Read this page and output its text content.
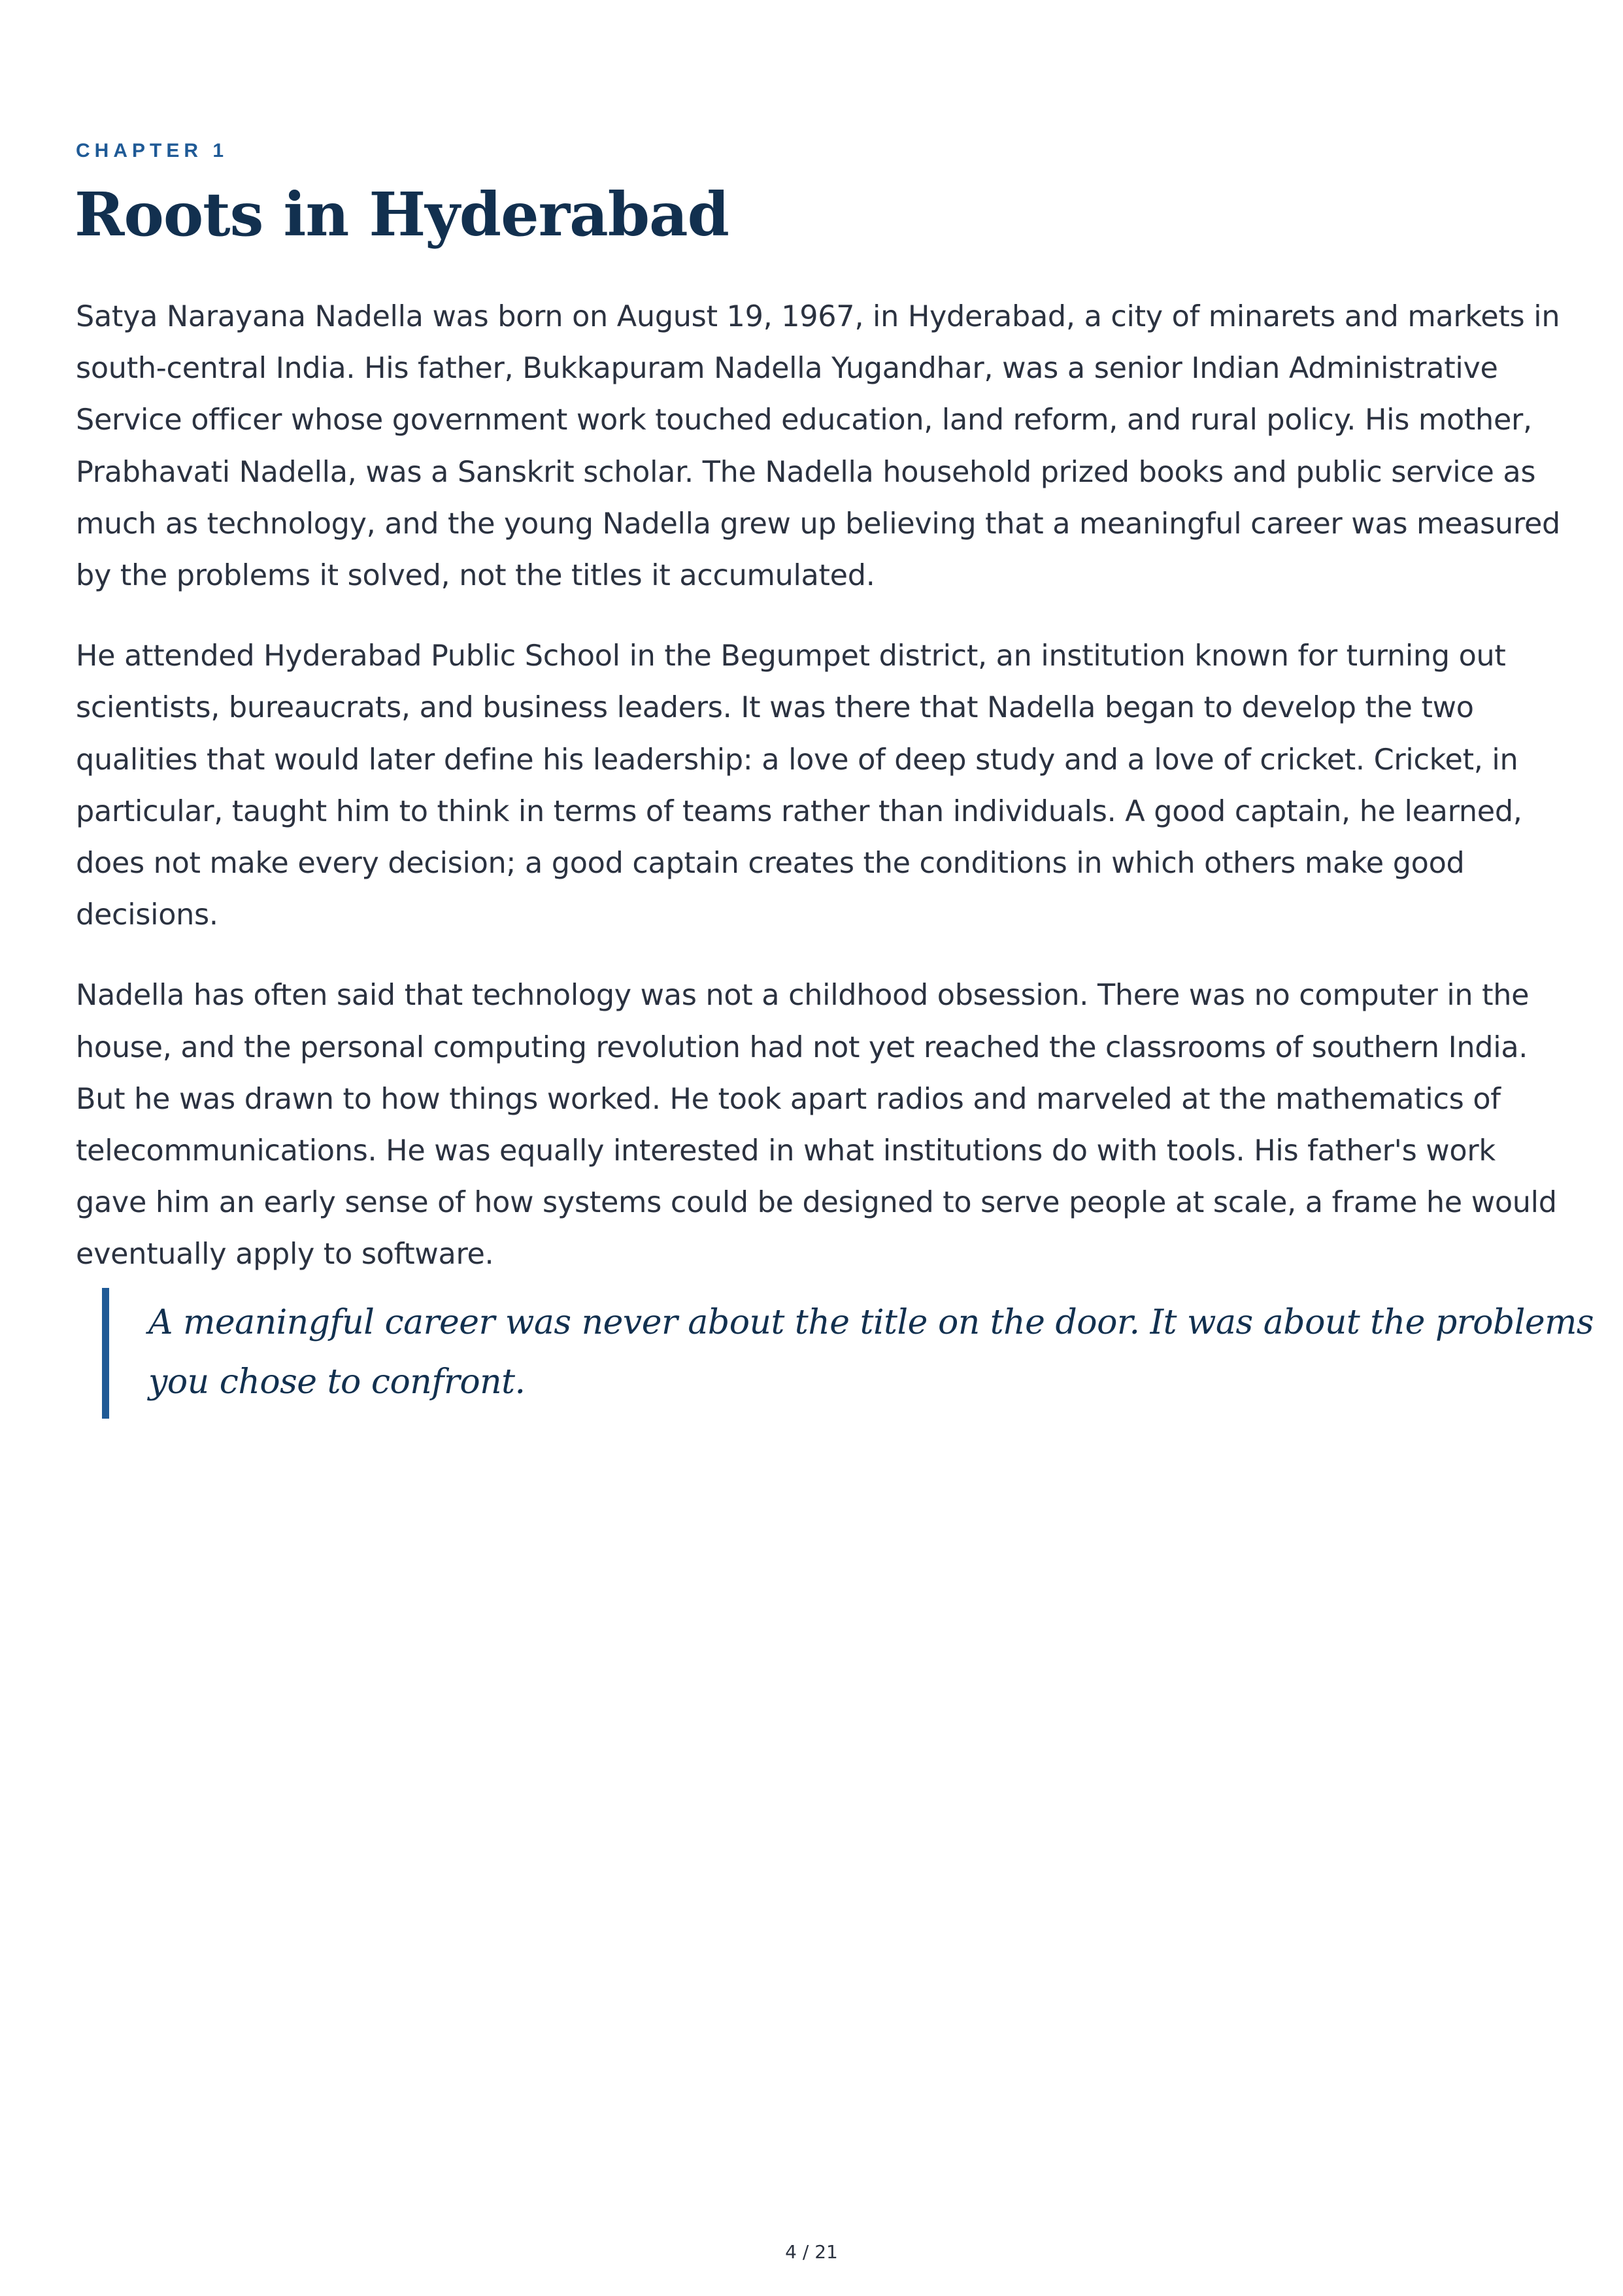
CHAPTER 1
Roots in Hyderabad

Satya Narayana Nadella was born on August 19, 1967, in Hyderabad, a city of minarets and markets in south-central India. His father, Bukkapuram Nadella Yugandhar, was a senior Indian Administrative Service officer whose government work touched education, land reform, and rural policy. His mother, Prabhavati Nadella, was a Sanskrit scholar. The Nadella household prized books and public service as much as technology, and the young Nadella grew up believing that a meaningful career was measured by the problems it solved, not the titles it accumulated.

He attended Hyderabad Public School in the Begumpet district, an institution known for turning out scientists, bureaucrats, and business leaders. It was there that Nadella began to develop the two qualities that would later define his leadership: a love of deep study and a love of cricket. Cricket, in particular, taught him to think in terms of teams rather than individuals. A good captain, he learned, does not make every decision; a good captain creates the conditions in which others make good decisions.

Nadella has often said that technology was not a childhood obsession. There was no computer in the house, and the personal computing revolution had not yet reached the classrooms of southern India. But he was drawn to how things worked. He took apart radios and marveled at the mathematics of telecommunications. He was equally interested in what institutions do with tools. His father's work gave him an early sense of how systems could be designed to serve people at scale, a frame he would eventually apply to software.

A meaningful career was never about the title on the door. It was about the problems you chose to confront.

4 / 21
